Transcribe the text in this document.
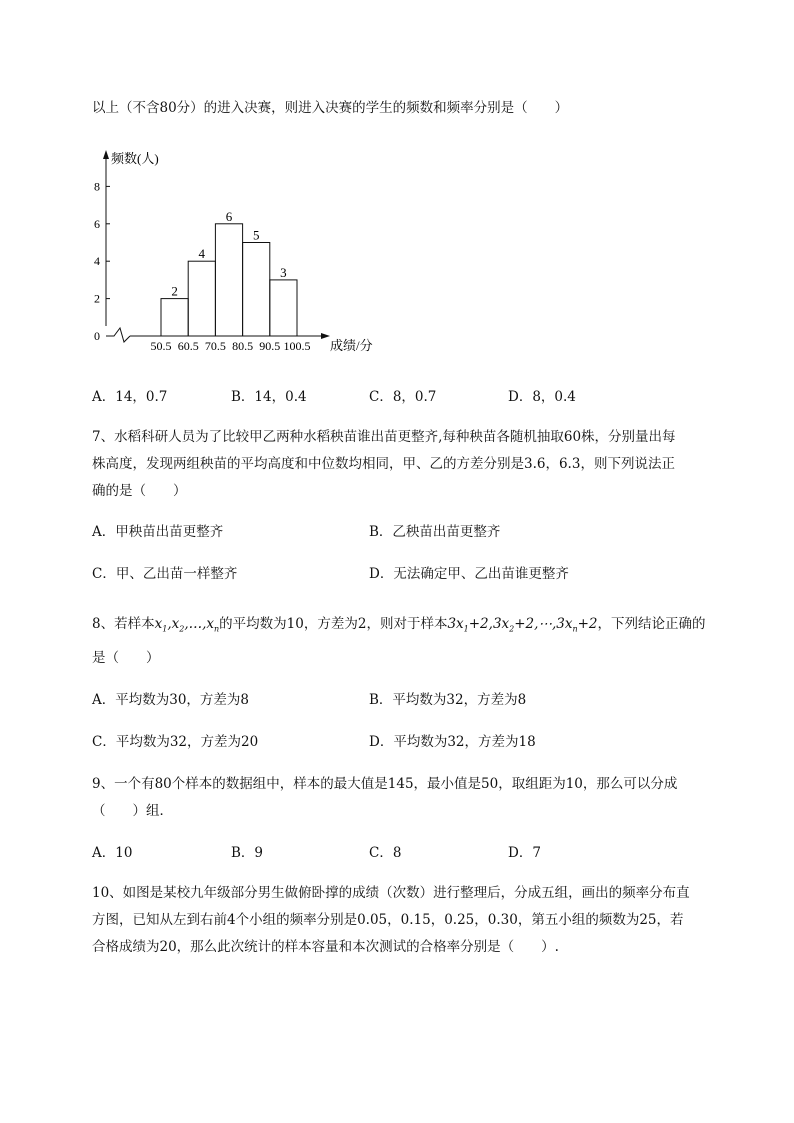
以上（不含80分）的进入决赛，则进入决赛的学生的频数和频率分别是（　　）
频数(人)
成绩/分
0
2
4
6
8
2
4
6
5
3
50.5 60.5 70.5 80.5 90.5 100.5
A．14，0.7	B．14，0.4	C．8，0.7	D．8，0.4
7、水稻科研人员为了比较甲乙两种水稻秧苗谁出苗更整齐,每种秧苗各随机抽取60株，分别量出每
株高度，发现两组秧苗的平均高度和中位数均相同，甲、乙的方差分别是3.6，6.3，则下列说法正
确的是（　　）
A．甲秧苗出苗更整齐	B．乙秧苗出苗更整齐
C．甲、乙出苗一样整齐	D．无法确定甲、乙出苗谁更整齐
8、若样本$x_1,x_2,\dots,x_n$的平均数为10，方差为2，则对于样本$3x_1+2,3x_2+2,\cdots,3x_n+2$，下列结论正确的
是（　　）
A．平均数为30，方差为8	B．平均数为32，方差为8
C．平均数为32，方差为20	D．平均数为32，方差为18
9、一个有80个样本的数据组中，样本的最大值是145，最小值是50，取组距为10，那么可以分成
（　　）组．
A．10	B．9	C．8	D．7
10、如图是某校九年级部分男生做俯卧撑的成绩（次数）进行整理后，分成五组，画出的频率分布直
方图，已知从左到右前4个小组的频率分别是0.05，0.15，0.25，0.30，第五小组的频数为25，若
合格成绩为20，那么此次统计的样本容量和本次测试的合格率分别是（　　）.
